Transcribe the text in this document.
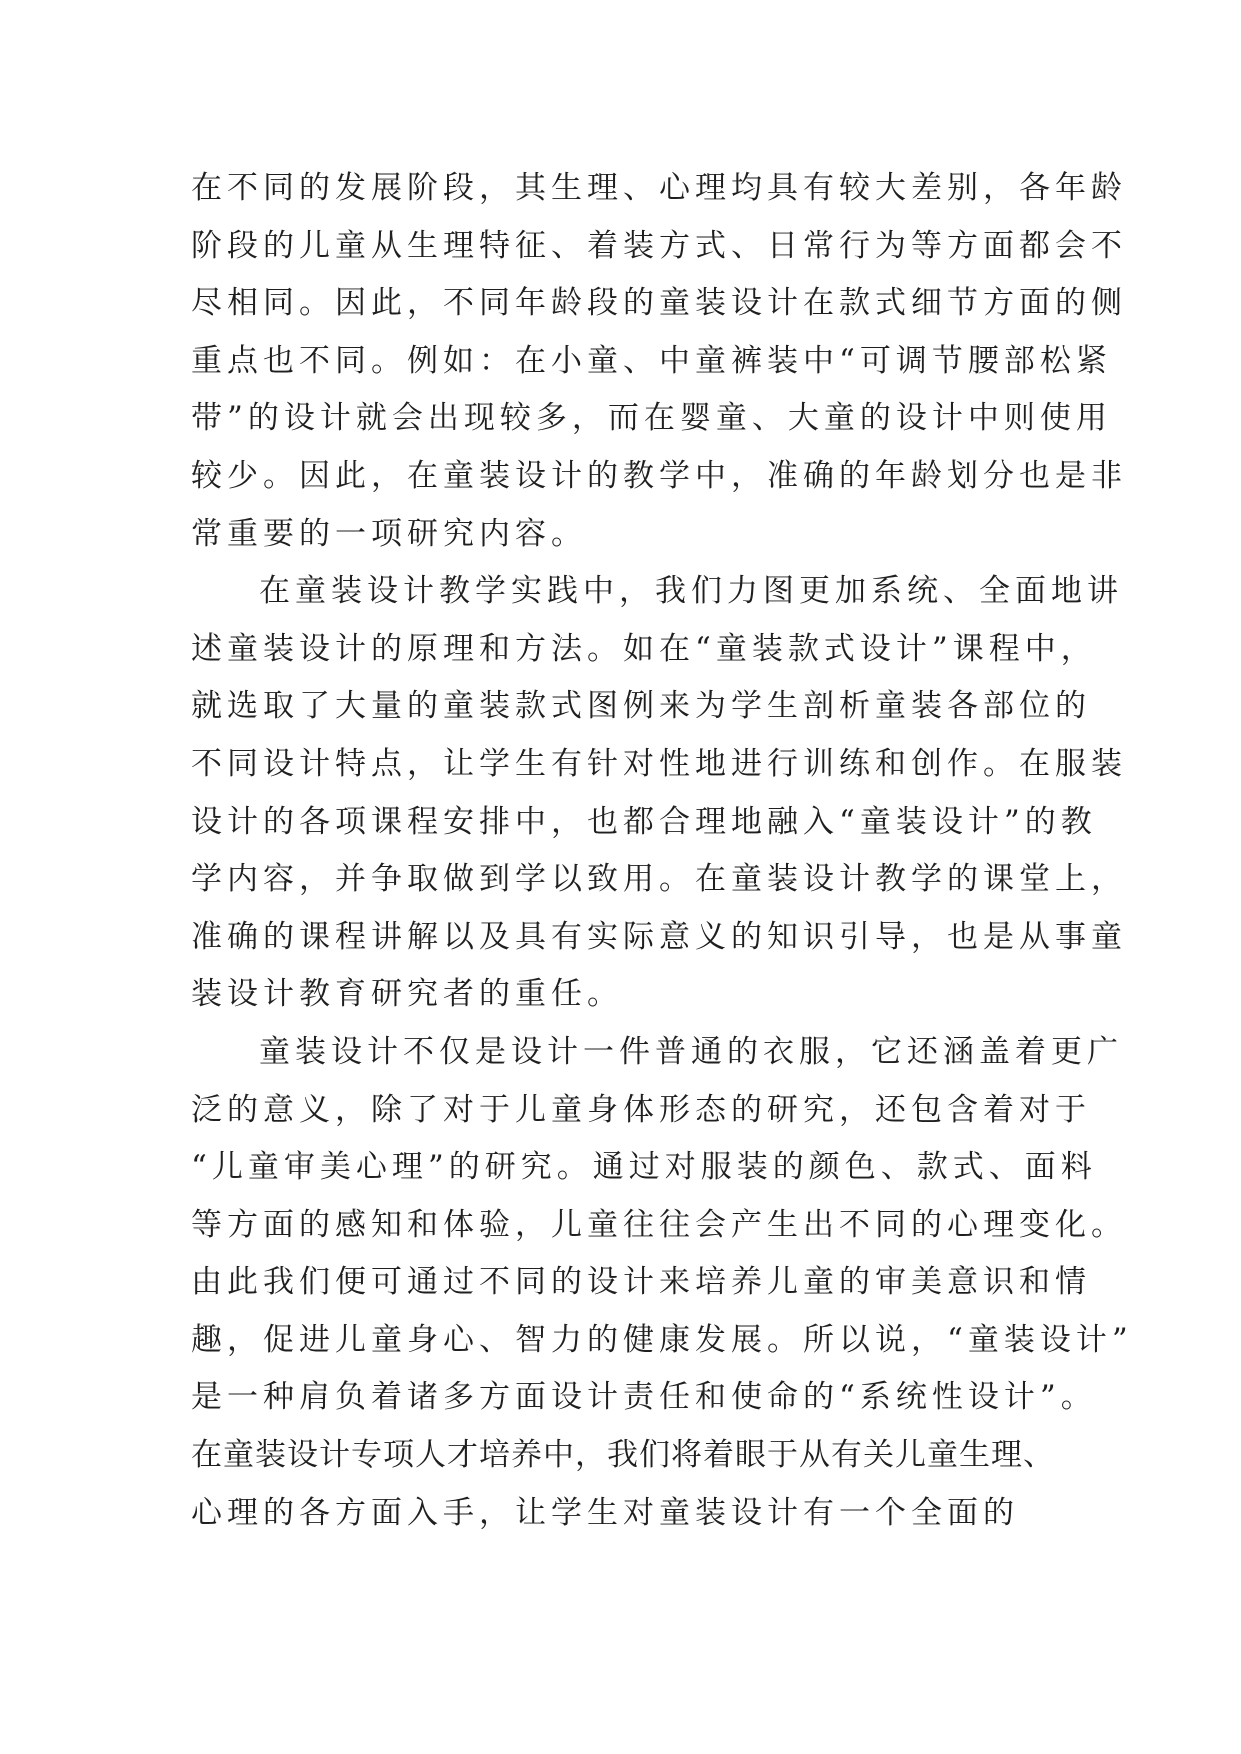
在不同的发展阶段，其生理、心理均具有较大差别，各年龄
阶段的儿童从生理特征、着装方式、日常行为等方面都会不
尽相同。因此，不同年龄段的童装设计在款式细节方面的侧
重点也不同。例如：在小童、中童裤装中“可调节腰部松紧
带”的设计就会出现较多，而在婴童、大童的设计中则使用
较少。因此，在童装设计的教学中，准确的年龄划分也是非
常重要的一项研究内容。
在童装设计教学实践中，我们力图更加系统、全面地讲
述童装设计的原理和方法。如在“童装款式设计”课程中，
就选取了大量的童装款式图例来为学生剖析童装各部位的
不同设计特点，让学生有针对性地进行训练和创作。在服装
设计的各项课程安排中，也都合理地融入“童装设计”的教
学内容，并争取做到学以致用。在童装设计教学的课堂上，
准确的课程讲解以及具有实际意义的知识引导，也是从事童
装设计教育研究者的重任。
童装设计不仅是设计一件普通的衣服，它还涵盖着更广
泛的意义，除了对于儿童身体形态的研究，还包含着对于
“儿童审美心理”的研究。通过对服装的颜色、款式、面料
等方面的感知和体验，儿童往往会产生出不同的心理变化。
由此我们便可通过不同的设计来培养儿童的审美意识和情
趣，促进儿童身心、智力的健康发展。所以说，“童装设计”
是一种肩负着诸多方面设计责任和使命的“系统性设计”。
在童装设计专项人才培养中，我们将着眼于从有关儿童生理、
心理的各方面入手，让学生对童装设计有一个全面的
